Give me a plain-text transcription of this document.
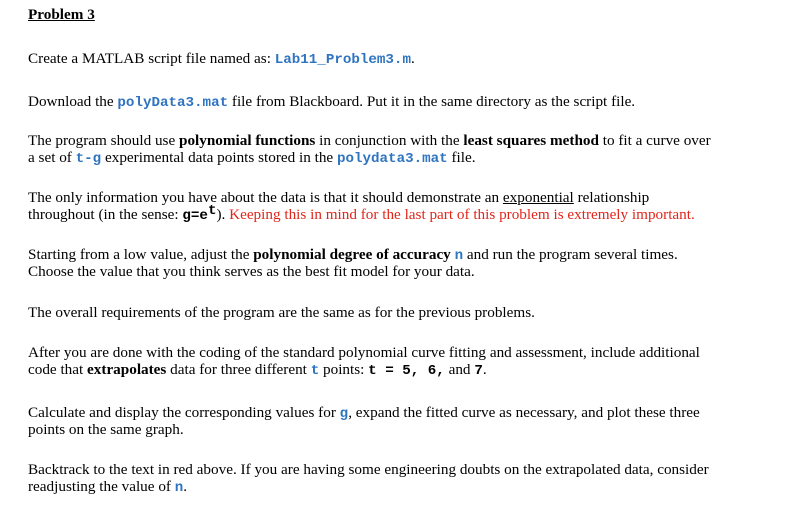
Problem 3

Create a MATLAB script file named as: Lab11_Problem3.m.

Download the polyData3.mat file from Blackboard. Put it in the same directory as the script file.

The program should use polynomial functions in conjunction with the least squares method to fit a curve over

a set of t-g experimental data points stored in the polydata3.mat file.

The only information you have about the data is that it should demonstrate an exponential relationship

throughout (in the sense: $g=e^t$). Keeping this in mind for the last part of this problem is extremely important.

Starting from a low value, adjust the polynomial degree of accuracy n and run the program several times.

Choose the value that you think serves as the best fit model for your data.

The overall requirements of the program are the same as for the previous problems.

After you are done with the coding of the standard polynomial curve fitting and assessment, include additional

code that extrapolates data for three different t points: t = 5, 6, and 7.

Calculate and display the corresponding values for g, expand the fitted curve as necessary, and plot these three

points on the same graph.

Backtrack to the text in red above. If you are having some engineering doubts on the extrapolated data, consider

readjusting the value of n.
